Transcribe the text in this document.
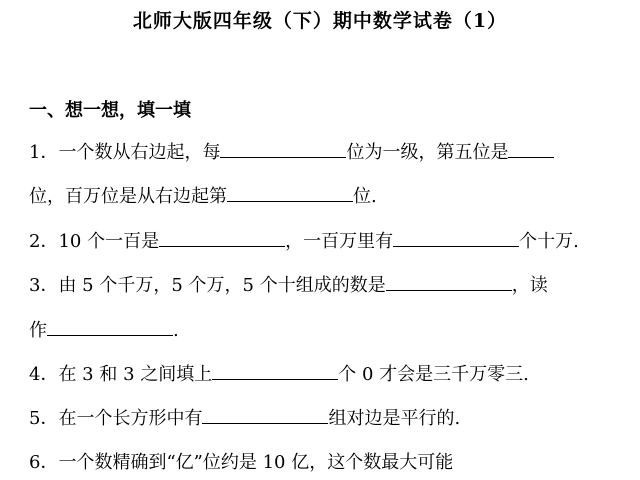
北师大版四年级（下）期中数学试卷（1）
一、想一想，填一填
1．一个数从右边起，每	位为一级，第五位是
位，百万位是从右边起第	位.
2．10 个一百是	，一百万里有	个十万.
3．由 5 个千万，5 个万，5 个十组成的数是	，读
作	.
4．在 3 和 3 之间填上	个 0 才会是三千万零三.
5．在一个长方形中有	组对边是平行的.
6．一个数精确到“亿”位约是 10 亿，这个数最大可能
